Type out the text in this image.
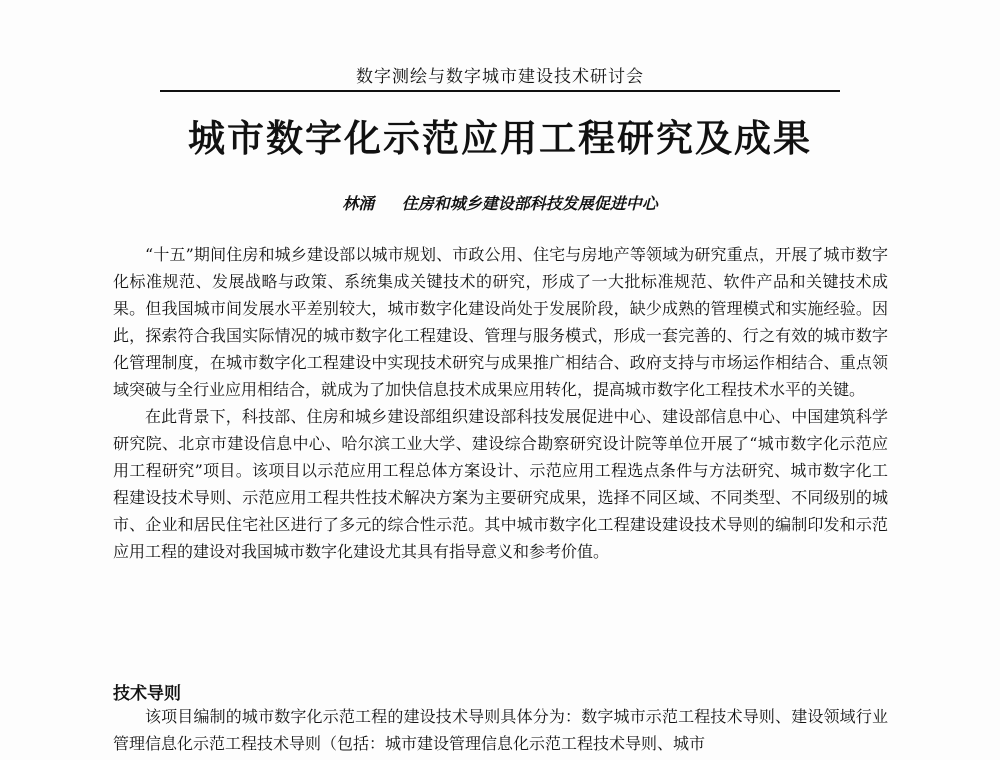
数字测绘与数字城市建设技术研讨会
城市数字化示范应用工程研究及成果
林涌 住房和城乡建设部科技发展促进中心

“十五”期间住房和城乡建设部以城市规划、市政公用、住宅与房地产等领域为研究重点，开展了城市数字化标准规范、发展战略与政策、系统集成关键技术的研究，形成了一大批标准规范、软件产品和关键技术成果。但我国城市间发展水平差别较大，城市数字化建设尚处于发展阶段，缺少成熟的管理模式和实施经验。因此，探索符合我国实际情况的城市数字化工程建设、管理与服务模式，形成一套完善的、行之有效的城市数字化管理制度，在城市数字化工程建设中实现技术研究与成果推广相结合、政府支持与市场运作相结合、重点领域突破与全行业应用相结合，就成为了加快信息技术成果应用转化，提高城市数字化工程技术水平的关键。

在此背景下，科技部、住房和城乡建设部组织建设部科技发展促进中心、建设部信息中心、中国建筑科学研究院、北京市建设信息中心、哈尔滨工业大学、建设综合勘察研究设计院等单位开展了“城市数字化示范应用工程研究”项目。该项目以示范应用工程总体方案设计、示范应用工程选点条件与方法研究、城市数字化工程建设技术导则、示范应用工程共性技术解决方案为主要研究成果，选择不同区域、不同类型、不同级别的城市、企业和居民住宅社区进行了多元的综合性示范。其中城市数字化工程建设建设技术导则的编制印发和示范应用工程的建设对我国城市数字化建设尤其具有指导意义和参考价值。

技术导则

该项目编制的城市数字化示范工程的建设技术导则具体分为：数字城市示范工程技术导则、建设领域行业管理信息化示范工程技术导则（包括：城市建设管理信息化示范工程技术导则、城市
